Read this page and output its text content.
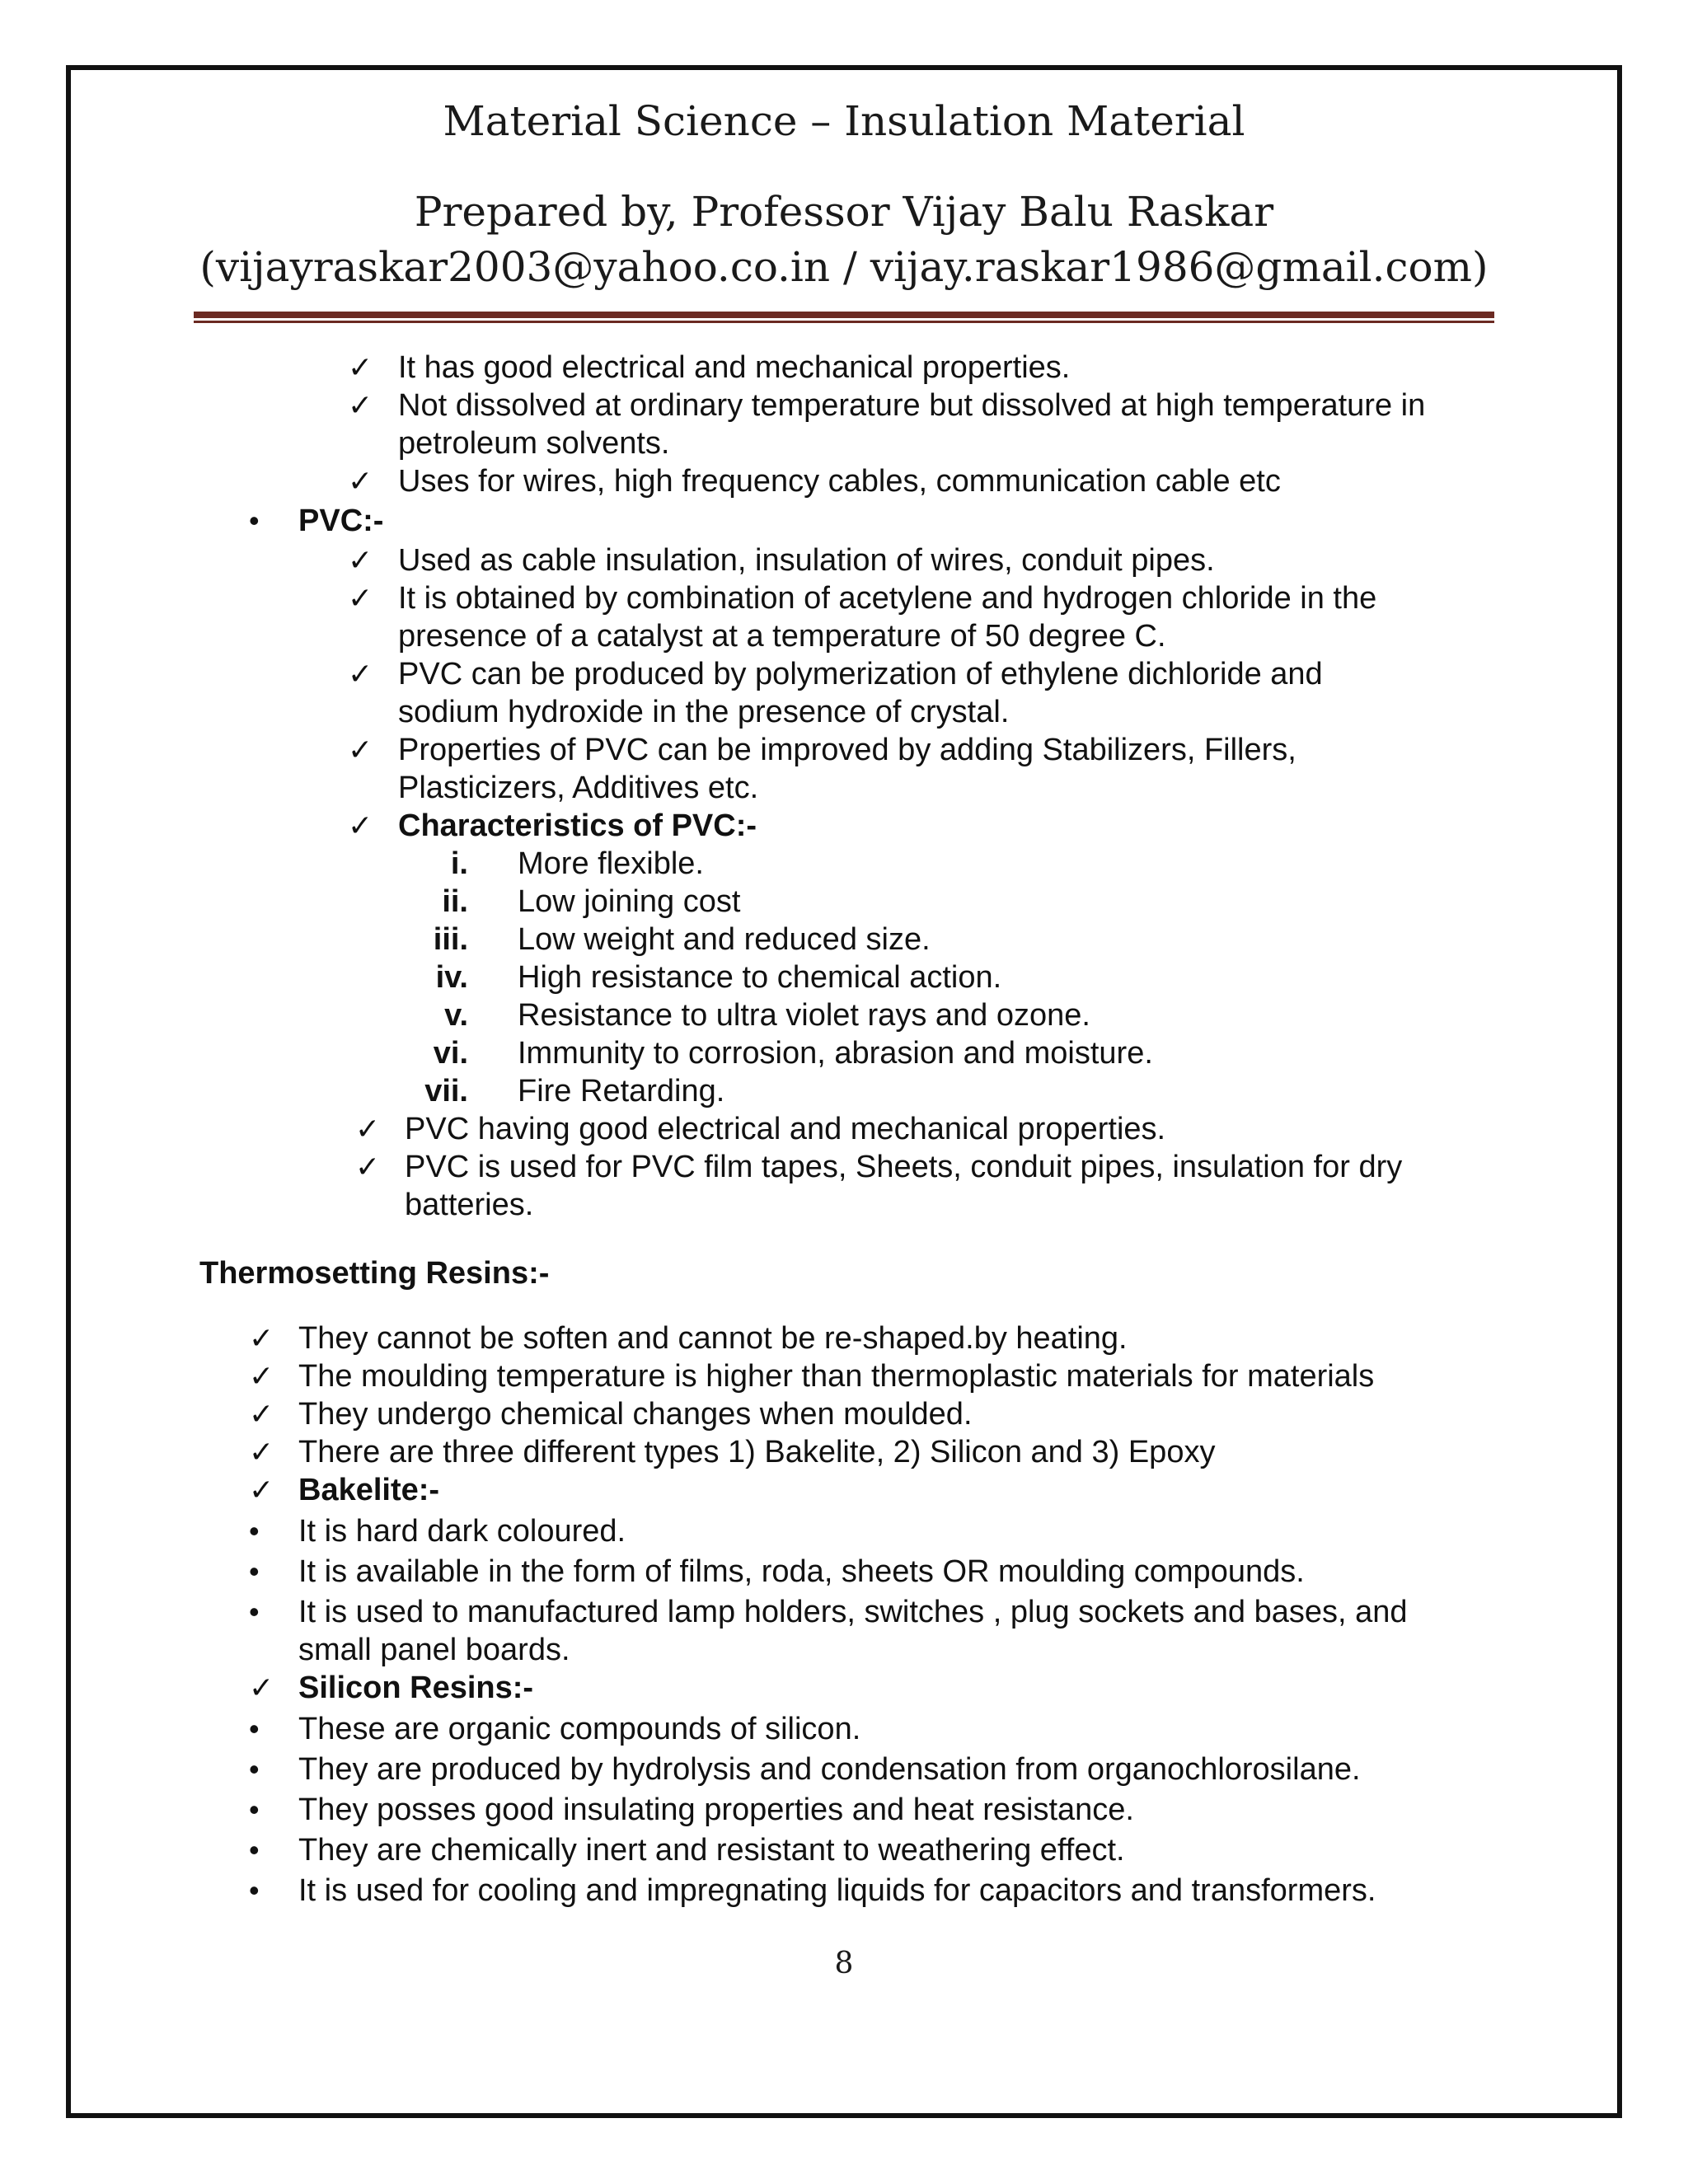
Material Science – Insulation Material
Prepared by, Professor Vijay Balu Raskar
(vijayraskar2003@yahoo.co.in / vijay.raskar1986@gmail.com)
✓ It has good electrical and mechanical properties.
✓ Not dissolved at ordinary temperature but dissolved at high temperature in
petroleum solvents.
✓ Uses for wires, high frequency cables, communication cable etc
• PVC:-
✓ Used as cable insulation, insulation of wires, conduit pipes.
✓ It is obtained by combination of acetylene and hydrogen chloride in the
presence of a catalyst at a temperature of 50 degree C.
✓ PVC can be produced by polymerization of ethylene dichloride and
sodium hydroxide in the presence of crystal.
✓ Properties of PVC can be improved by adding Stabilizers, Fillers,
Plasticizers, Additives etc.
✓ Characteristics of PVC:-
i. More flexible.
ii. Low joining cost
iii. Low weight and reduced size.
iv. High resistance to chemical action.
v. Resistance to ultra violet rays and ozone.
vi. Immunity to corrosion, abrasion and moisture.
vii. Fire Retarding.
✓ PVC having good electrical and mechanical properties.
✓ PVC is used for PVC film tapes, Sheets, conduit pipes, insulation for dry
batteries.
Thermosetting Resins:-
✓ They cannot be soften and cannot be re-shaped.by heating.
✓ The moulding temperature is higher than thermoplastic materials for materials
✓ They undergo chemical changes when moulded.
✓ There are three different types 1) Bakelite, 2) Silicon and 3) Epoxy
✓ Bakelite:-
• It is hard dark coloured.
• It is available in the form of films, roda, sheets OR moulding compounds.
• It is used to manufactured lamp holders, switches , plug sockets and bases, and
small panel boards.
✓ Silicon Resins:-
• These are organic compounds of silicon.
• They are produced by hydrolysis and condensation from organochlorosilane.
• They posses good insulating properties and heat resistance.
• They are chemically inert and resistant to weathering effect.
• It is used for cooling and impregnating liquids for capacitors and transformers.
8
